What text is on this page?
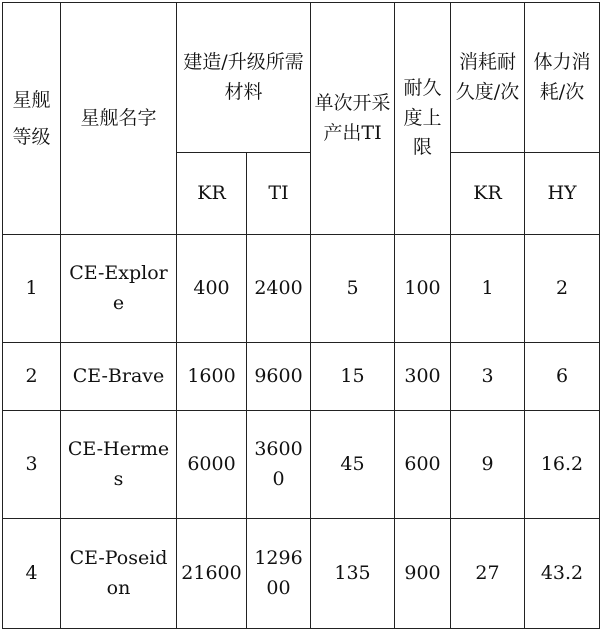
星舰等级	星舰名字	建造/升级所需材料		单次开采产出TI	耐久度上限	消耗耐久度/次	体力消耗/次

		KR	TI			KR	HY
1	CE-Explore	400	2400	5	100	1	2
2	CE-Brave	1600	9600	15	300	3	6
3	CE-Hermes	6000	36000	45	600	9	16.2
4	CE-Poseidon	21600	129600	135	900	27	43.2
